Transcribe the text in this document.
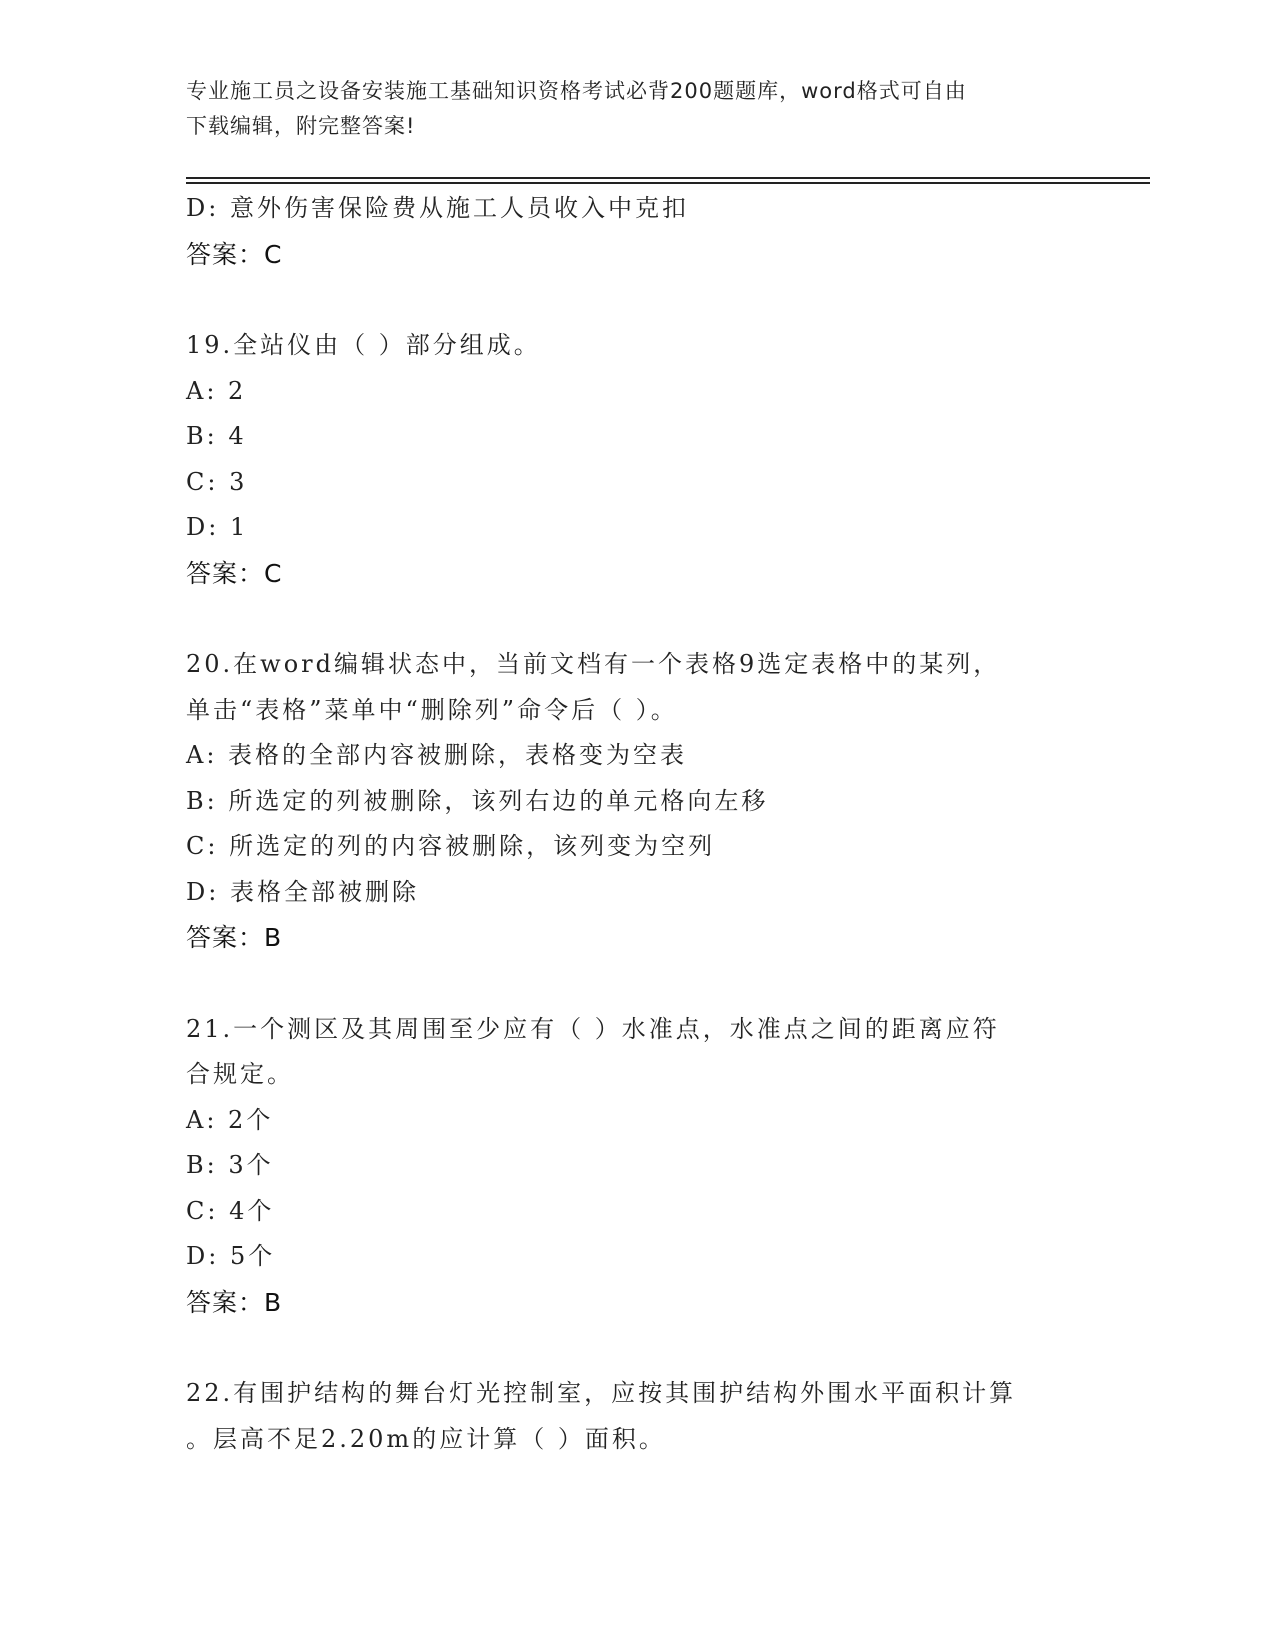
专业施工员之设备安装施工基础知识资格考试必背200题题库，word格式可自由
下载编辑，附完整答案!
D: 意外伤害保险费从施工人员收入中克扣
答案：C
19.全站仪由（ ）部分组成。
A: 2
B: 4
C: 3
D: 1
答案：C
20.在word编辑状态中，当前文档有一个表格9选定表格中的某列，
单击“表格”菜单中“删除列”命令后（ ）。
A: 表格的全部内容被删除，表格变为空表
B: 所选定的列被删除，该列右边的单元格向左移
C: 所选定的列的内容被删除，该列变为空列
D: 表格全部被删除
答案：B
21.一个测区及其周围至少应有（ ）水准点，水准点之间的距离应符
合规定。
A: 2个
B: 3个
C: 4个
D: 5个
答案：B
22.有围护结构的舞台灯光控制室，应按其围护结构外围水平面积计算
。层高不足2.20m的应计算（ ）面积。
